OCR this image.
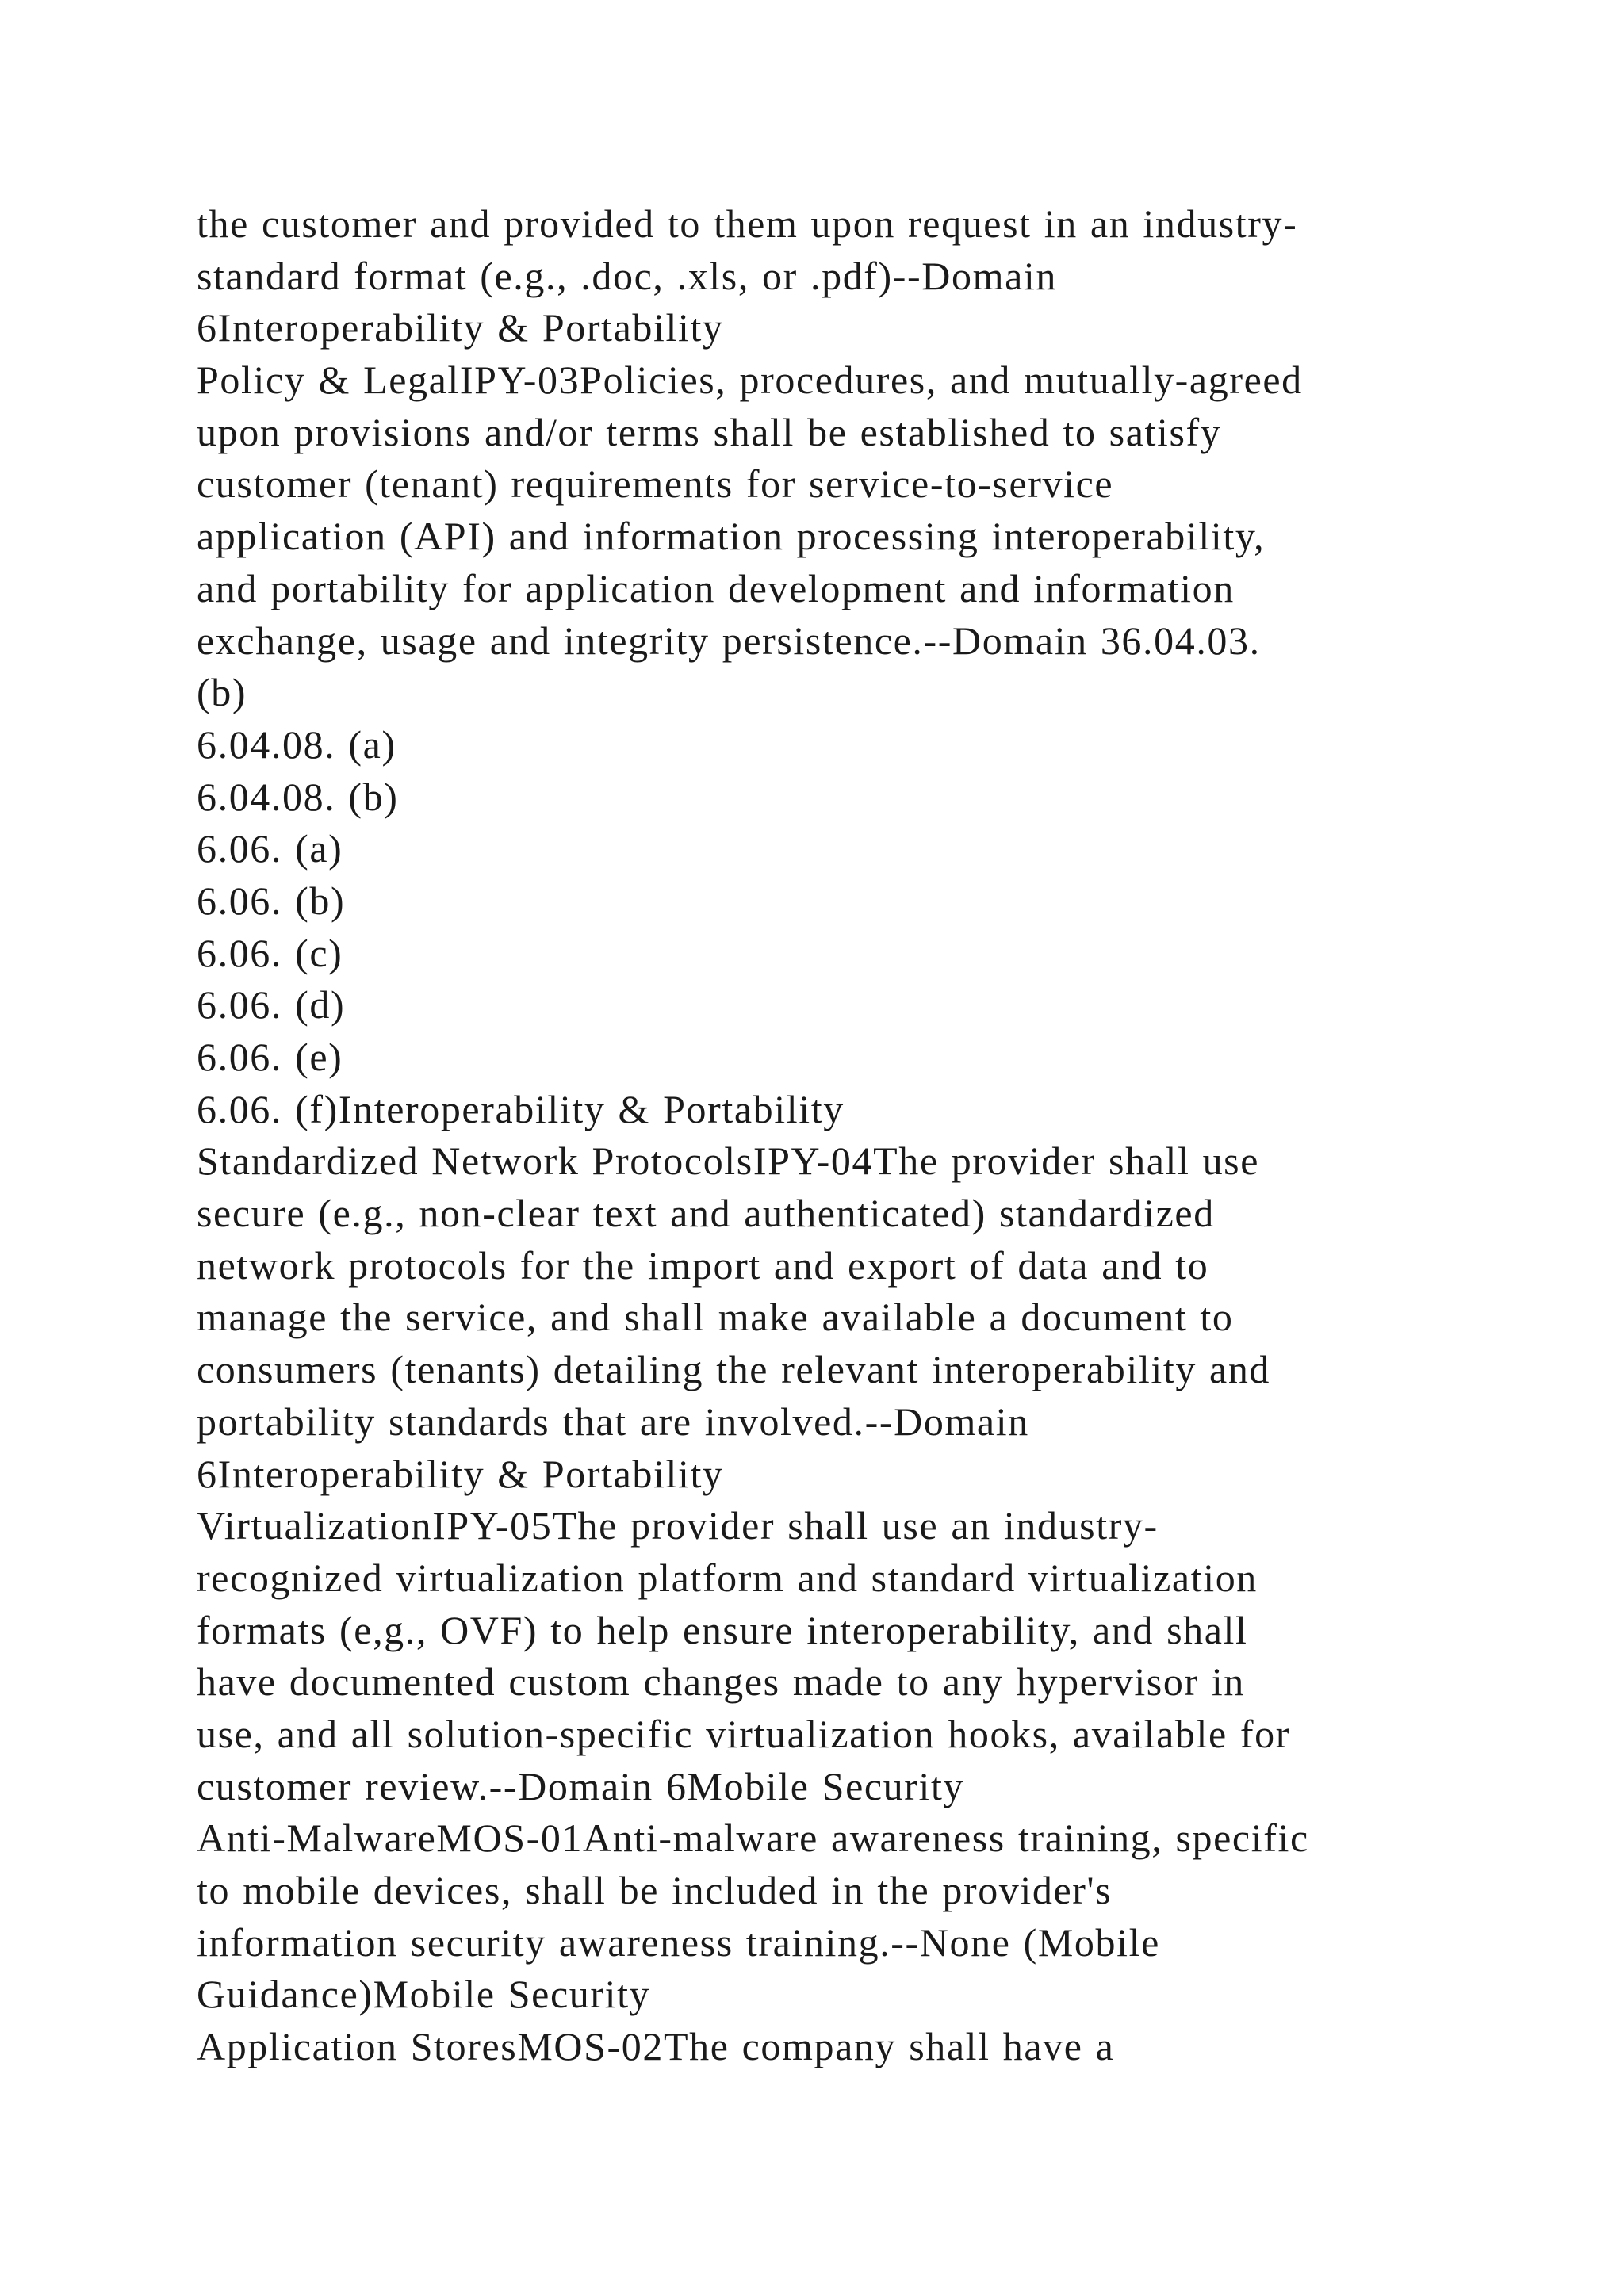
the customer and provided to them upon request in an industry-
standard format (e.g., .doc, .xls, or .pdf)--Domain
6Interoperability & Portability
Policy & LegalIPY-03Policies, procedures, and mutually-agreed
upon provisions and/or terms shall be established to satisfy
customer (tenant) requirements for service-to-service
application (API) and information processing interoperability,
and portability for application development and information
exchange, usage and integrity persistence.--Domain 36.04.03.
(b)
6.04.08. (a)
6.04.08. (b)
6.06. (a)
6.06. (b)
6.06. (c)
6.06. (d)
6.06. (e)
6.06. (f)Interoperability & Portability
Standardized Network ProtocolsIPY-04The provider shall use
secure (e.g., non-clear text and authenticated) standardized
network protocols for the import and export of data and to
manage the service, and shall make available a document to
consumers (tenants) detailing the relevant interoperability and
portability standards that are involved.--Domain
6Interoperability & Portability
VirtualizationIPY-05The provider shall use an industry-
recognized virtualization platform and standard virtualization
formats (e,g., OVF) to help ensure interoperability, and shall
have documented custom changes made to any hypervisor in
use, and all solution-specific virtualization hooks, available for
customer review.--Domain 6Mobile Security
Anti-MalwareMOS-01Anti-malware awareness training, specific
to mobile devices, shall be included in the provider's
information security awareness training.--None (Mobile
Guidance)Mobile Security
Application StoresMOS-02The company shall have a
